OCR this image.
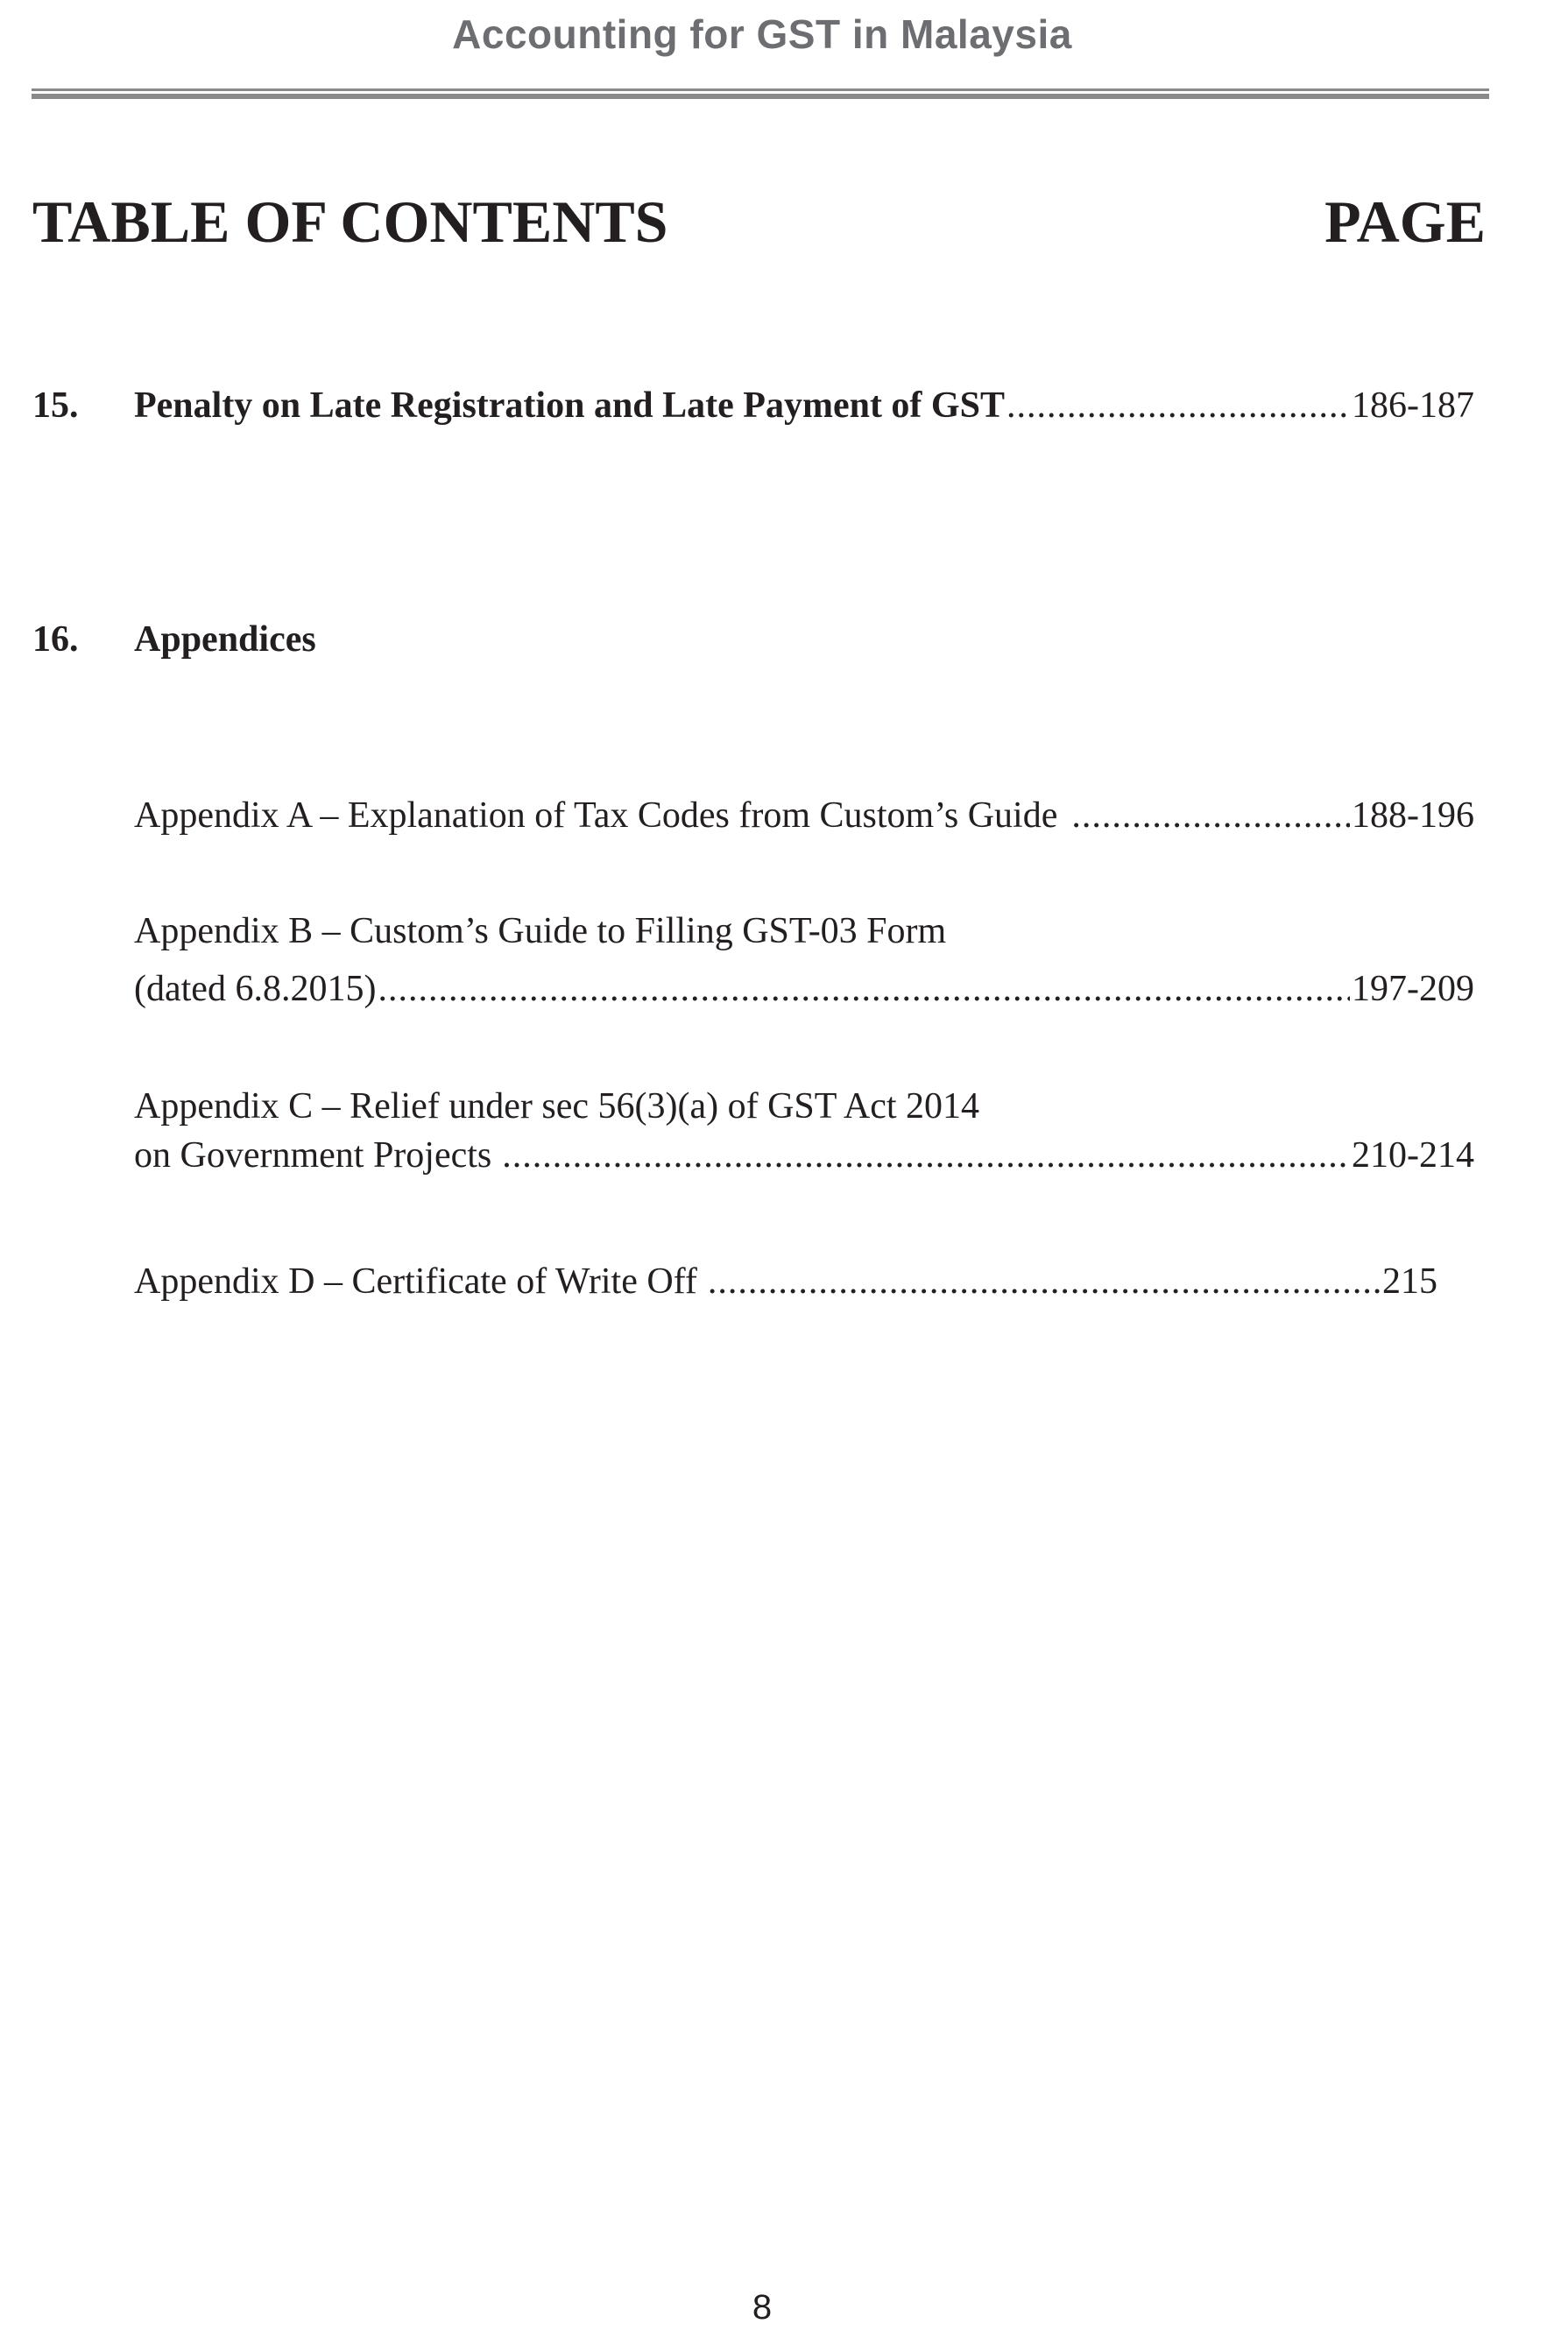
Accounting for GST in Malaysia
TABLE OF CONTENTS	PAGE
15. Penalty on Late Registration and Late Payment of GST .....	186-187
16. Appendices
Appendix A – Explanation of Tax Codes from Custom’s Guide .....	188-196
Appendix B – Custom’s Guide to Filling GST-03 Form
(dated 6.8.2015) .....	197-209
Appendix C – Relief under sec 56(3)(a) of GST Act 2014
on Government Projects .....	210-214
Appendix D – Certificate of Write Off .....	215
8
